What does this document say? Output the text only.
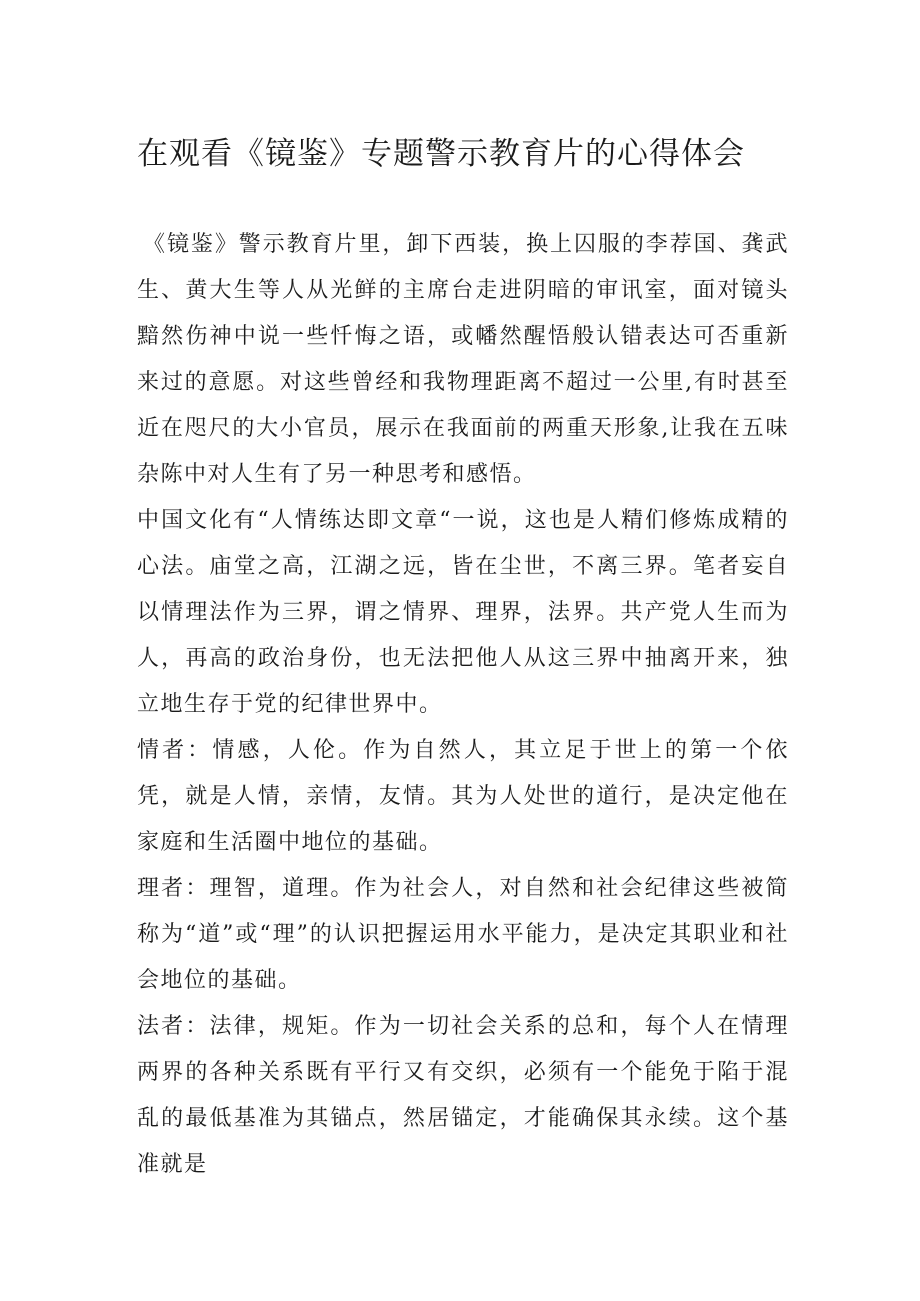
在观看《镜鉴》专题警示教育片的心得体会

《镜鉴》警示教育片里，卸下西装，换上囚服的李荐国、龚武生、黄大生等人从光鲜的主席台走进阴暗的审讯室，面对镜头黯然伤神中说一些忏悔之语，或幡然醒悟般认错表达可否重新来过的意愿。对这些曾经和我物理距离不超过一公里,有时甚至近在咫尺的大小官员，展示在我面前的两重天形象,让我在五味杂陈中对人生有了另一种思考和感悟。

中国文化有“人情练达即文章“一说，这也是人精们修炼成精的心法。庙堂之高，江湖之远，皆在尘世，不离三界。笔者妄自以情理法作为三界，谓之情界、理界，法界。共产党人生而为人，再高的政治身份，也无法把他人从这三界中抽离开来，独立地生存于党的纪律世界中。

情者：情感，人伦。作为自然人，其立足于世上的第一个依凭，就是人情，亲情，友情。其为人处世的道行，是决定他在家庭和生活圈中地位的基础。

理者：理智，道理。作为社会人，对自然和社会纪律这些被简称为“道”或“理”的认识把握运用水平能力，是决定其职业和社会地位的基础。

法者：法律，规矩。作为一切社会关系的总和，每个人在情理两界的各种关系既有平行又有交织，必须有一个能免于陷于混乱的最低基准为其锚点，然居锚定，才能确保其永续。这个基准就是
